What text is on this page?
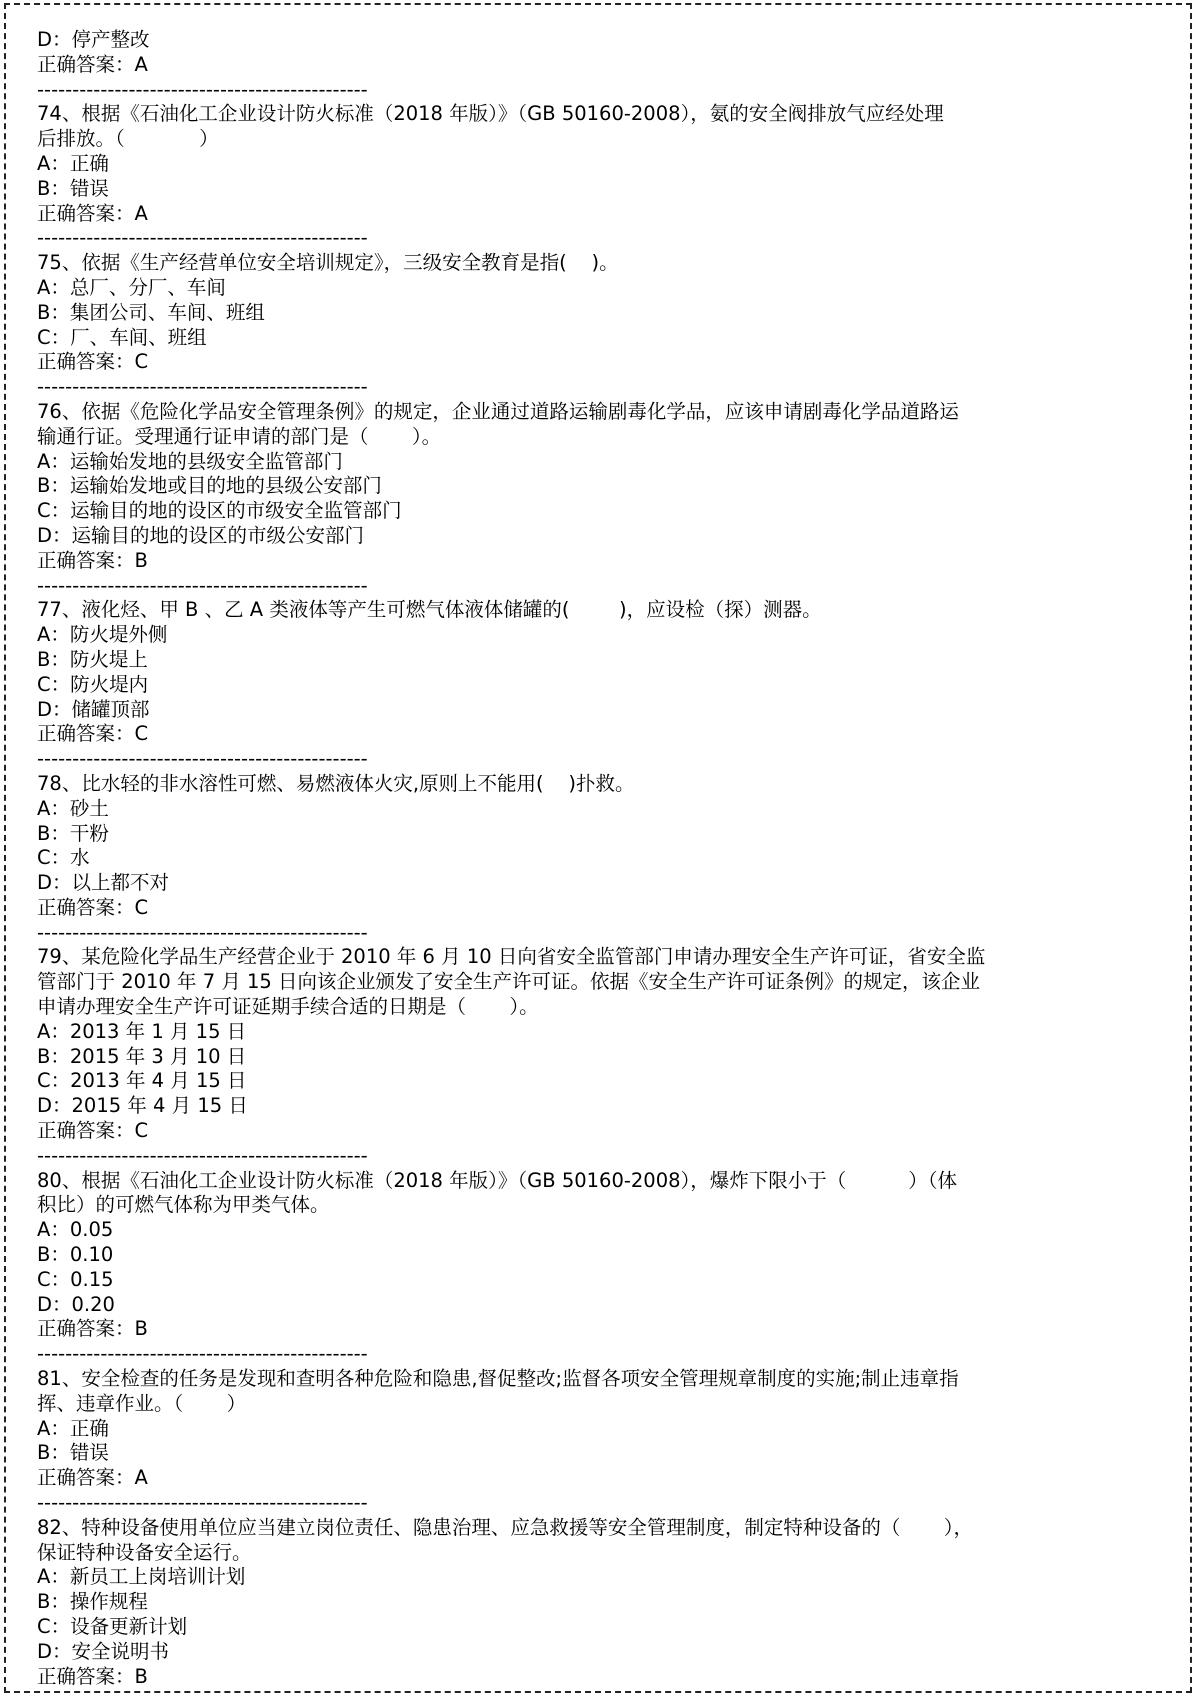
D：停产整改
正确答案：A
-----------------------------------------------
74、根据《石油化工企业设计防火标准（2018 年版）》（GB 50160-2008），氨的安全阀排放气应经处理
后排放。（            ）
A：正确
B：错误
正确答案：A
-----------------------------------------------
75、依据《生产经营单位安全培训规定》，三级安全教育是指(    )。
A：总厂、分厂、车间
B：集团公司、车间、班组
C：厂、车间、班组
正确答案：C
-----------------------------------------------
76、依据《危险化学品安全管理条例》的规定，企业通过道路运输剧毒化学品，应该申请剧毒化学品道路运
输通行证。受理通行证申请的部门是（       ）。
A：运输始发地的县级安全监管部门
B：运输始发地或目的地的县级公安部门
C：运输目的地的设区的市级安全监管部门
D：运输目的地的设区的市级公安部门
正确答案：B
-----------------------------------------------
77、液化烃、甲 B 、乙 A 类液体等产生可燃气体液体储罐的(        )，应设检（探）测器。
A：防火堤外侧
B：防火堤上
C：防火堤内
D：储罐顶部
正确答案：C
-----------------------------------------------
78、比水轻的非水溶性可燃、易燃液体火灾,原则上不能用(    )扑救。
A：砂土
B：干粉
C：水
D：以上都不对
正确答案：C
-----------------------------------------------
79、某危险化学品生产经营企业于 2010 年 6 月 10 日向省安全监管部门申请办理安全生产许可证，省安全监
管部门于 2010 年 7 月 15 日向该企业颁发了安全生产许可证。依据《安全生产许可证条例》的规定，该企业
申请办理安全生产许可证延期手续合适的日期是（       ）。
A：2013 年 1 月 15 日
B：2015 年 3 月 10 日
C：2013 年 4 月 15 日
D：2015 年 4 月 15 日
正确答案：C
-----------------------------------------------
80、根据《石油化工企业设计防火标准（2018 年版）》（GB 50160-2008），爆炸下限小于（          ）（体
积比）的可燃气体称为甲类气体。
A：0.05
B：0.10
C：0.15
D：0.20
正确答案：B
-----------------------------------------------
81、安全检查的任务是发现和查明各种危险和隐患,督促整改;监督各项安全管理规章制度的实施;制止违章指
挥、违章作业。（       ）
A：正确
B：错误
正确答案：A
-----------------------------------------------
82、特种设备使用单位应当建立岗位责任、隐患治理、应急救援等安全管理制度，制定特种设备的（       ），
保证特种设备安全运行。
A：新员工上岗培训计划
B：操作规程
C：设备更新计划
D：安全说明书
正确答案：B
